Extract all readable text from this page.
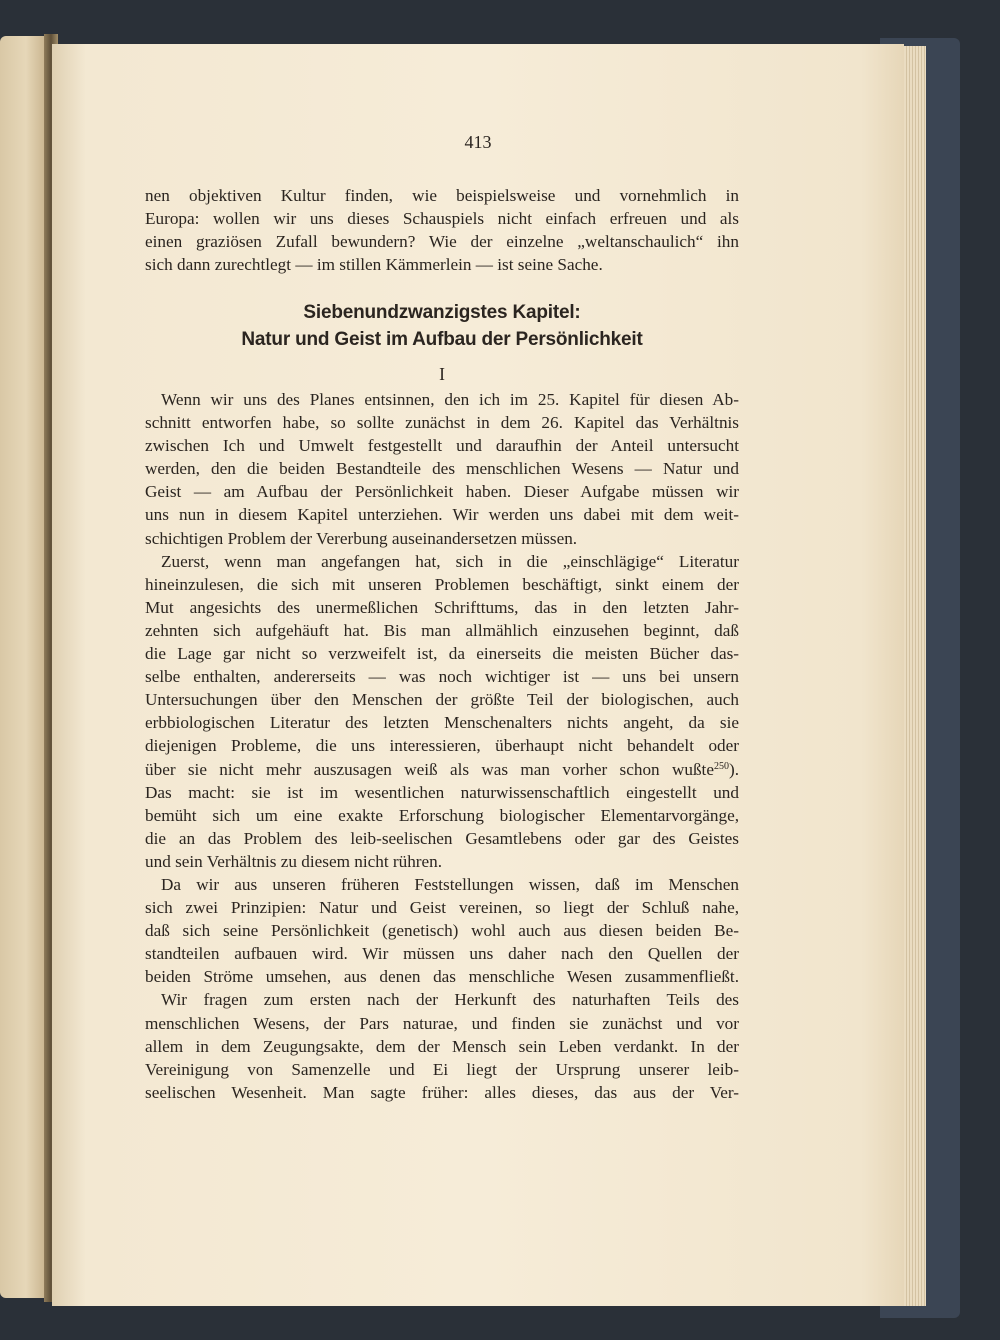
413
nen objektiven Kultur finden, wie beispielsweise und vornehmlich in
Europa: wollen wir uns dieses Schauspiels nicht einfach erfreuen und als
einen graziösen Zufall bewundern? Wie der einzelne „weltanschaulich“ ihn
sich dann zurechtlegt — im stillen Kämmerlein — ist seine Sache.
Siebenundzwanzigstes Kapitel:
Natur und Geist im Aufbau der Persönlichkeit
I
Wenn wir uns des Planes entsinnen, den ich im 25. Kapitel für diesen Ab-
schnitt entworfen habe, so sollte zunächst in dem 26. Kapitel das Verhältnis
zwischen Ich und Umwelt festgestellt und daraufhin der Anteil untersucht
werden, den die beiden Bestandteile des menschlichen Wesens — Natur und
Geist — am Aufbau der Persönlichkeit haben. Dieser Aufgabe müssen wir
uns nun in diesem Kapitel unterziehen. Wir werden uns dabei mit dem weit-
schichtigen Problem der Vererbung auseinandersetzen müssen.
Zuerst, wenn man angefangen hat, sich in die „einschlägige“ Literatur
hineinzulesen, die sich mit unseren Problemen beschäftigt, sinkt einem der
Mut angesichts des unermeßlichen Schrifttums, das in den letzten Jahr-
zehnten sich aufgehäuft hat. Bis man allmählich einzusehen beginnt, daß
die Lage gar nicht so verzweifelt ist, da einerseits die meisten Bücher das-
selbe enthalten, andererseits — was noch wichtiger ist — uns bei unsern
Untersuchungen über den Menschen der größte Teil der biologischen, auch
erbbiologischen Literatur des letzten Menschenalters nichts angeht, da sie
diejenigen Probleme, die uns interessieren, überhaupt nicht behandelt oder
über sie nicht mehr auszusagen weiß als was man vorher schon wußte$^{250}$).
Das macht: sie ist im wesentlichen naturwissenschaftlich eingestellt und
bemüht sich um eine exakte Erforschung biologischer Elementarvorgänge,
die an das Problem des leib-seelischen Gesamtlebens oder gar des Geistes
und sein Verhältnis zu diesem nicht rühren.
Da wir aus unseren früheren Feststellungen wissen, daß im Menschen
sich zwei Prinzipien: Natur und Geist vereinen, so liegt der Schluß nahe,
daß sich seine Persönlichkeit (genetisch) wohl auch aus diesen beiden Be-
standteilen aufbauen wird. Wir müssen uns daher nach den Quellen der
beiden Ströme umsehen, aus denen das menschliche Wesen zusammenfließt.
Wir fragen zum ersten nach der Herkunft des naturhaften Teils des
menschlichen Wesens, der Pars naturae, und finden sie zunächst und vor
allem in dem Zeugungsakte, dem der Mensch sein Leben verdankt. In der
Vereinigung von Samenzelle und Ei liegt der Ursprung unserer leib-
seelischen Wesenheit. Man sagte früher: alles dieses, das aus der Ver-
